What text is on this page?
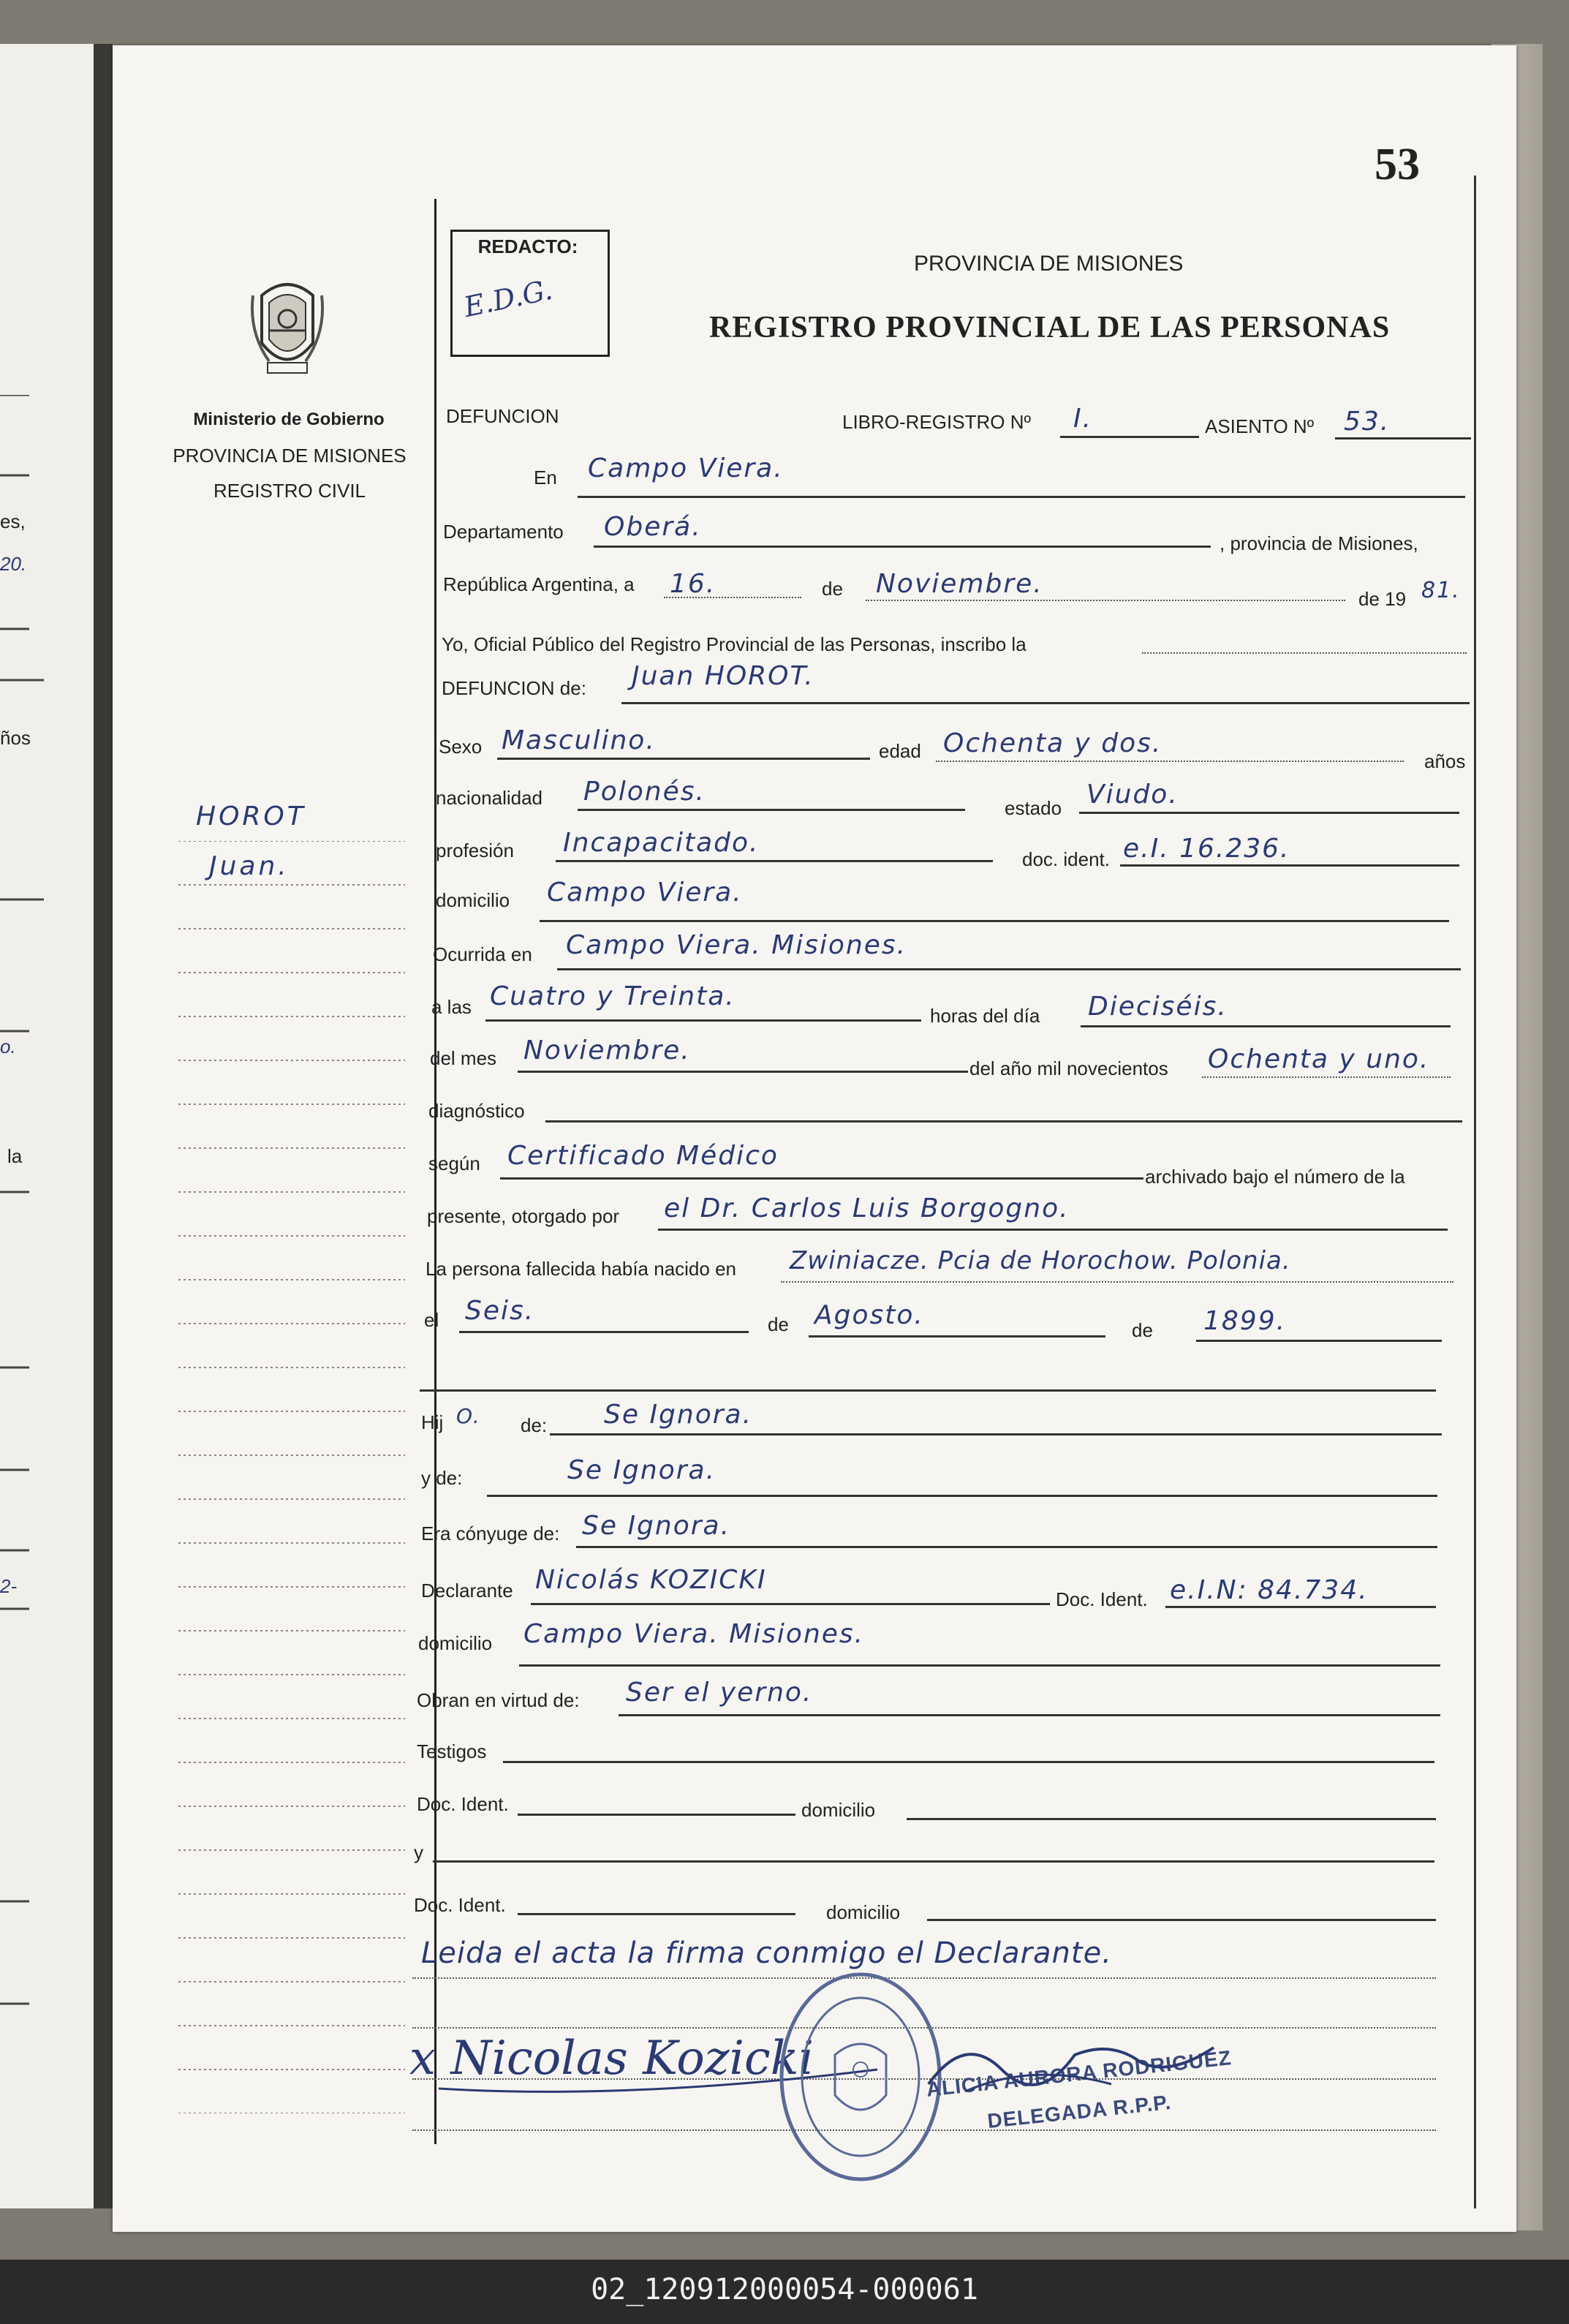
es,
20.
ños
o.
la
2-
53
REDACTO:
E.D.G.
PROVINCIA DE MISIONES
REGISTRO PROVINCIAL DE LAS PERSONAS
Ministerio de Gobierno
PROVINCIA DE MISIONES
REGISTRO CIVIL
HOROT
Juan.
DEFUNCION	LIBRO-REGISTRO Nº I.	ASIENTO Nº 53.
En Campo Viera.
Departamento Oberá.
, provincia de Misiones,
República Argentina, a 16.	de Noviembre.	de 19 81.
Yo, Oficial Público del Registro Provincial de las Personas, inscribo la
DEFUNCION de: Juan HOROT.
Sexo Masculino.	edad Ochenta y dos.
años
nacionalidad Polonés.
estado Viudo.
profesión Incapacitado.
doc. ident. e.I. 16.236.
domicilio Campo Viera.
Ocurrida en Campo Viera. Misiones.
a las Cuatro y Treinta.
horas del día Dieciséis.
del mes Noviembre.
del año mil novecientos Ochenta y uno.
diagnóstico
según Certificado Médico
archivado bajo el número de la
presente, otorgado por el Dr. Carlos Luis Borgogno.
La persona fallecida había nacido en Zwiniacze. Pcia de Horochow. Polonia.
el Seis.	de Agosto.	de 1899.
Hij O. de: Se Ignora.
y de:	Se Ignora.
Era cónyuge de: Se Ignora.
Declarante Nicolás KOZICKI
Doc. Ident. e.I.N: 84.734.
domicilio Campo Viera. Misiones.
Obran en virtud de: Ser el yerno.
Testigos
Doc. Ident.	domicilio
y
Doc. Ident.	domicilio
Leida el acta la firma conmigo el Declarante.
x Nicolas Kozicki	ALICIA AURORA RODRIGUEZ
DELEGADA R.P.P.
02_120912000054-000061
